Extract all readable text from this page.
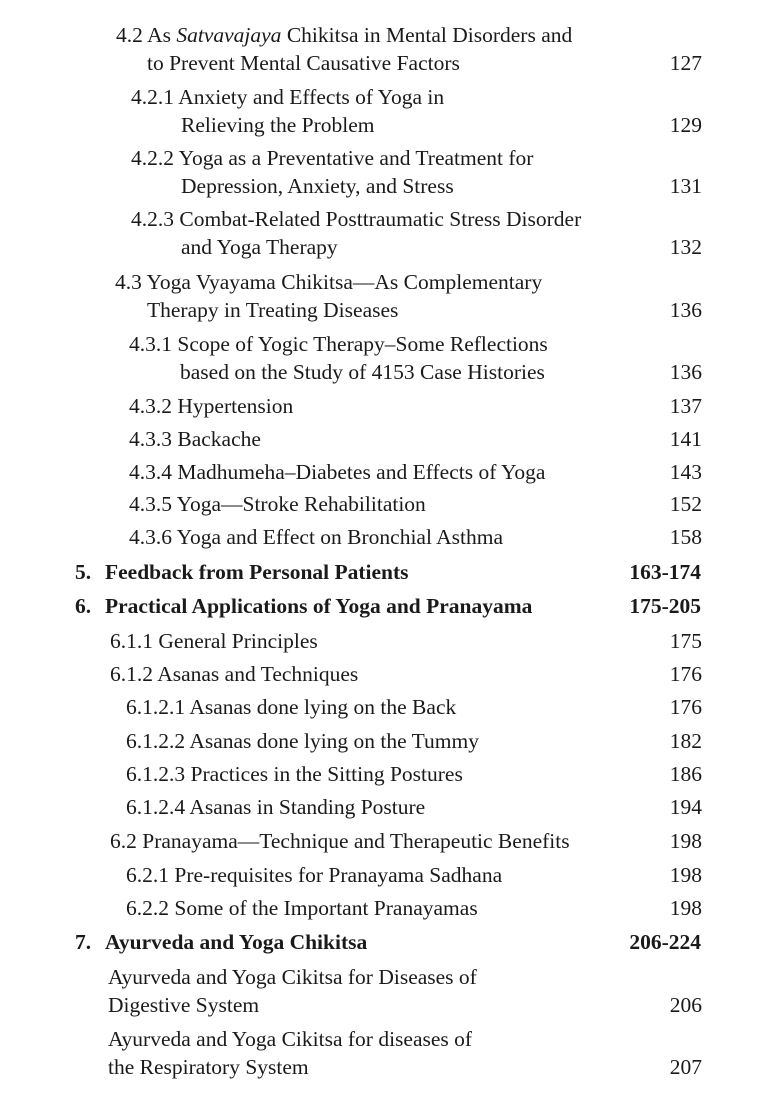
4.2 As Satvavajaya Chikitsa in Mental Disorders and
to Prevent Mental Causative Factors	127
4.2.1 Anxiety and Effects of Yoga in
Relieving the Problem	129
4.2.2 Yoga as a Preventative and Treatment for
Depression, Anxiety, and Stress	131
4.2.3 Combat-Related Posttraumatic Stress Disorder
and Yoga Therapy	132
4.3 Yoga Vyayama Chikitsa—As Complementary
Therapy in Treating Diseases	136
4.3.1 Scope of Yogic Therapy–Some Reflections
based on the Study of 4153 Case Histories	136
4.3.2 Hypertension	137
4.3.3 Backache	141
4.3.4 Madhumeha–Diabetes and Effects of Yoga	143
4.3.5 Yoga—Stroke Rehabilitation	152
4.3.6 Yoga and Effect on Bronchial Asthma	158
5. Feedback from Personal Patients	163-174
6. Practical Applications of Yoga and Pranayama	175-205
6.1.1 General Principles	175
6.1.2 Asanas and Techniques	176
6.1.2.1 Asanas done lying on the Back	176
6.1.2.2 Asanas done lying on the Tummy	182
6.1.2.3 Practices in the Sitting Postures	186
6.1.2.4 Asanas in Standing Posture	194
6.2 Pranayama—Technique and Therapeutic Benefits	198
6.2.1 Pre-requisites for Pranayama Sadhana	198
6.2.2 Some of the Important Pranayamas	198
7. Ayurveda and Yoga Chikitsa	206-224
Ayurveda and Yoga Cikitsa for Diseases of
Digestive System	206
Ayurveda and Yoga Cikitsa for diseases of
the Respiratory System	207
